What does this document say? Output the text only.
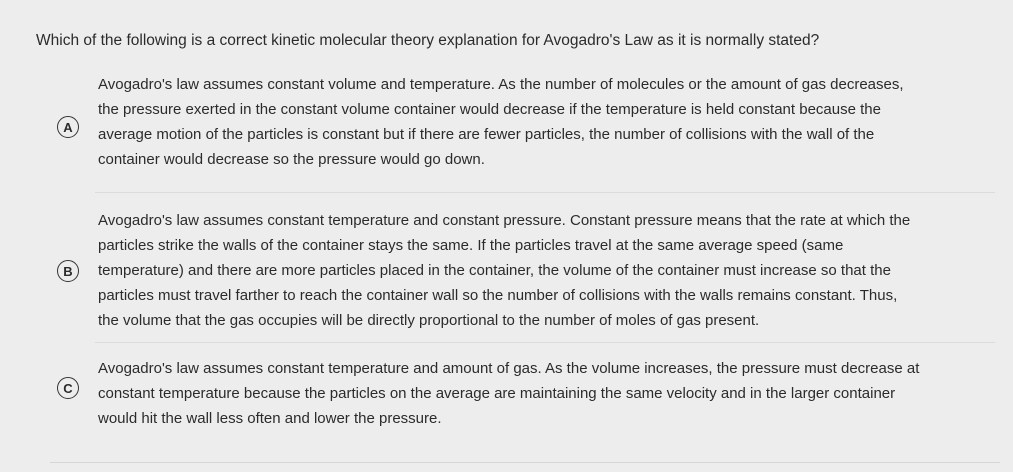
Which of the following is a correct kinetic molecular theory explanation for Avogadro's Law as it is normally stated?
A
Avogadro's law assumes constant volume and temperature. As the number of molecules or the amount of gas decreases,
the pressure exerted in the constant volume container would decrease if the temperature is held constant because the
average motion of the particles is constant but if there are fewer particles, the number of collisions with the wall of the
container would decrease so the pressure would go down.
B
Avogadro's law assumes constant temperature and constant pressure. Constant pressure means that the rate at which the
particles strike the walls of the container stays the same. If the particles travel at the same average speed (same
temperature) and there are more particles placed in the container, the volume of the container must increase so that the
particles must travel farther to reach the container wall so the number of collisions with the walls remains constant. Thus,
the volume that the gas occupies will be directly proportional to the number of moles of gas present.
C
Avogadro's law assumes constant temperature and amount of gas. As the volume increases, the pressure must decrease at
constant temperature because the particles on the average are maintaining the same velocity and in the larger container
would hit the wall less often and lower the pressure.
